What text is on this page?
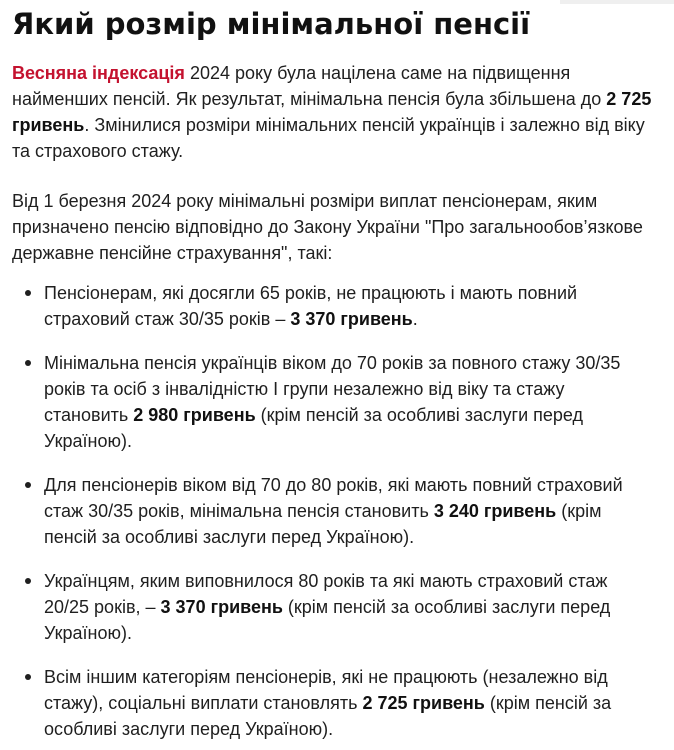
Який розмір мінімальної пенсії

Весняна індексація 2024 року була націлена саме на підвищення найменших пенсій. Як результат, мінімальна пенсія була збільшена до 2 725 гривень. Змінилися розміри мінімальних пенсій українців і залежно від віку та страхового стажу.

Від 1 березня 2024 року мінімальні розміри виплат пенсіонерам, яким призначено пенсію відповідно до Закону України "Про загальнообов’язкове державне пенсійне страхування", такі:

Пенсіонерам, які досягли 65 років, не працюють і мають повний страховий стаж 30/35 років – 3 370 гривень.
Мінімальна пенсія українців віком до 70 років за повного стажу 30/35 років та осіб з інвалідністю I групи незалежно від віку та стажу становить 2 980 гривень (крім пенсій за особливі заслуги перед Україною).
Для пенсіонерів віком від 70 до 80 років, які мають повний страховий стаж 30/35 років, мінімальна пенсія становить 3 240 гривень (крім пенсій за особливі заслуги перед Україною).
Українцям, яким виповнилося 80 років та які мають страховий стаж 20/25 років, – 3 370 гривень (крім пенсій за особливі заслуги перед Україною).
Всім іншим категоріям пенсіонерів, які не працюють (незалежно від стажу), соціальні виплати становлять 2 725 гривень (крім пенсій за особливі заслуги перед Україною).
